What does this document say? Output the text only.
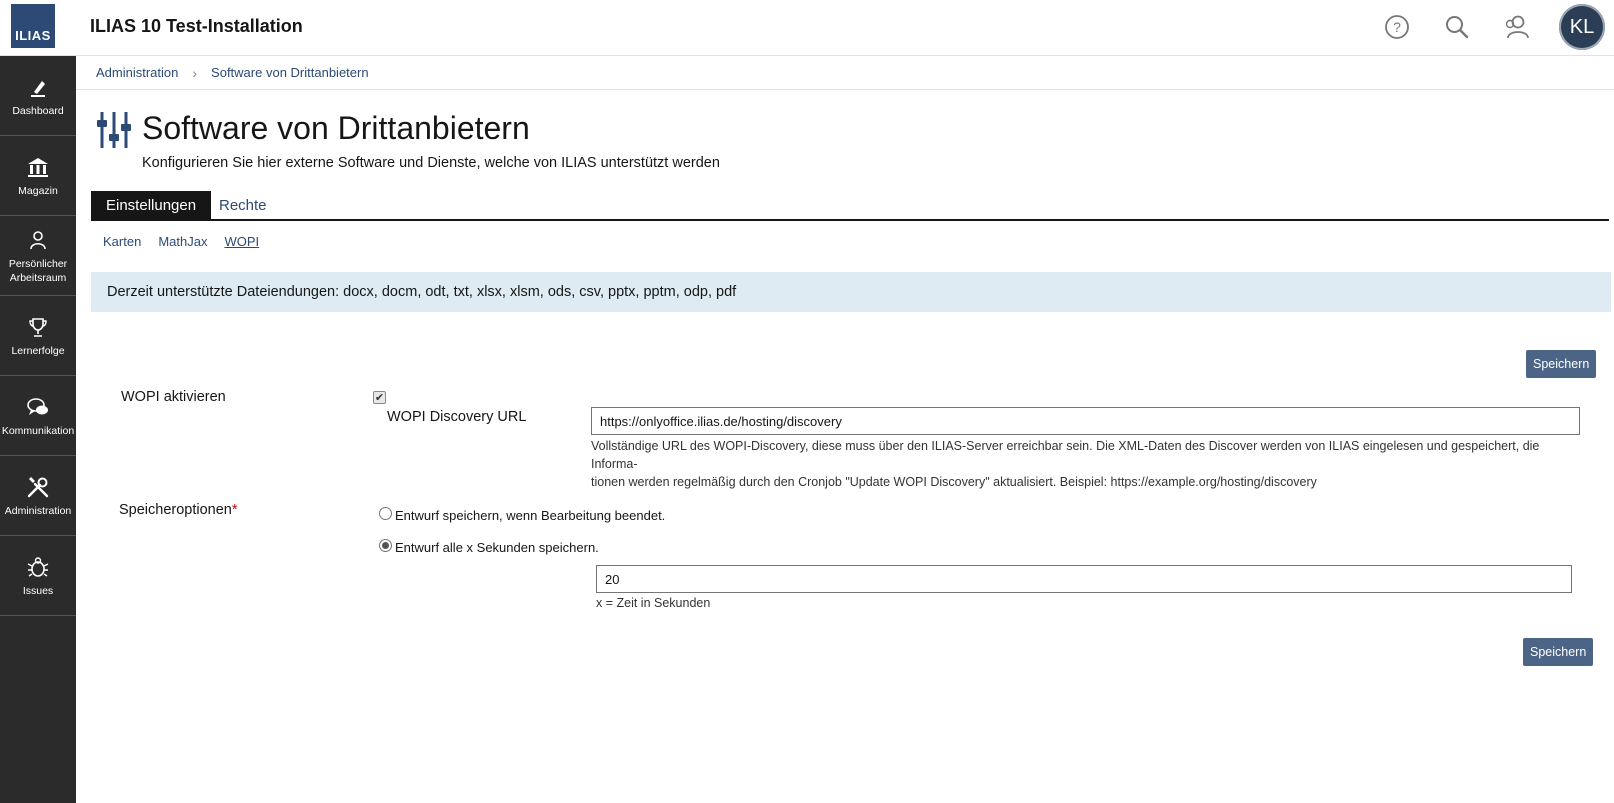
ILIAS ILIAS 10 Test-Installation	?	KL
Dashboard
Magazin
Persönlicher Arbeitsraum
Lernerfolge
Kommunikation
Administration
Issues
Administration › Software von Drittanbietern
Software von Drittanbietern
Konfigurieren Sie hier externe Software und Dienste, welche von ILIAS unterstützt werden
Einstellungen	Rechte
Karten MathJax WOPI
Derzeit unterstützte Dateiendungen: docx, docm, odt, txt, xlsx, xlsm, ods, csv, pptx, pptm, odp, pdf
Speichern
WOPI aktivieren	✔
WOPI Discovery URL
https://onlyoffice.ilias.de/hosting/discovery
Vollständige URL des WOPI-Discovery, diese muss über den ILIAS-Server erreichbar sein. Die XML-Daten des Discover werden von ILIAS eingelesen und gespeichert, die Informa-
tionen werden regelmäßig durch den Cronjob "Update WOPI Discovery" aktualisiert. Beispiel: https://example.org/hosting/discovery
Speicheroptionen*	Entwurf speichern, wenn Bearbeitung beendet.
Entwurf alle x Sekunden speichern.
20
x = Zeit in Sekunden
Speichern
